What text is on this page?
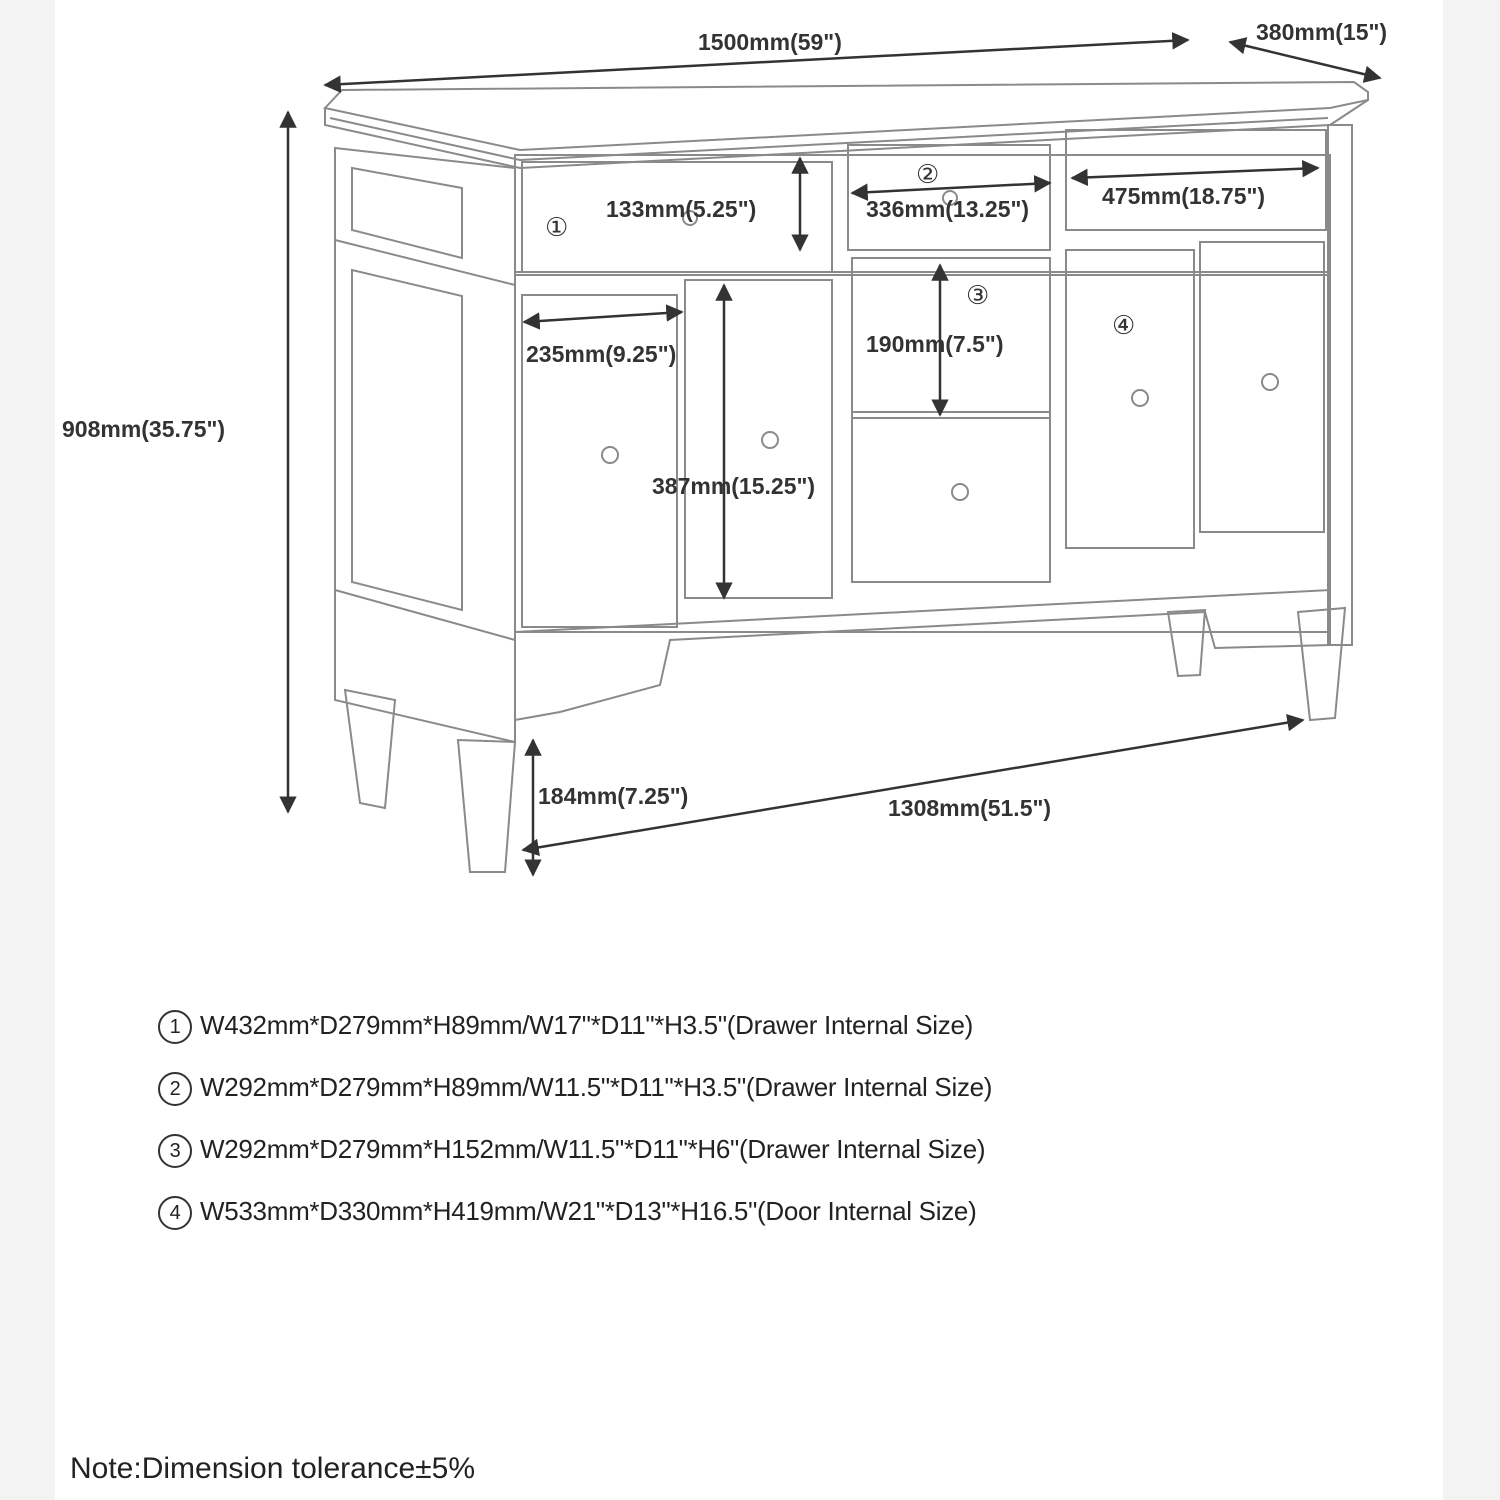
1500mm(59")	380mm(15")
908mm(35.75")
133mm(5.25")	336mm(13.25")	475mm(18.75")
235mm(9.25")	190mm(7.5")
387mm(15.25")
184mm(7.25")	1308mm(51.5")
①
②
③
④
1 W432mm*D279mm*H89mm/W17"*D11"*H3.5"(Drawer Internal Size)
2 W292mm*D279mm*H89mm/W11.5"*D11"*H3.5"(Drawer Internal Size)
3 W292mm*D279mm*H152mm/W11.5"*D11"*H6"(Drawer Internal Size)
4 W533mm*D330mm*H419mm/W21"*D13"*H16.5"(Door Internal Size)
Note:Dimension tolerance±5%
